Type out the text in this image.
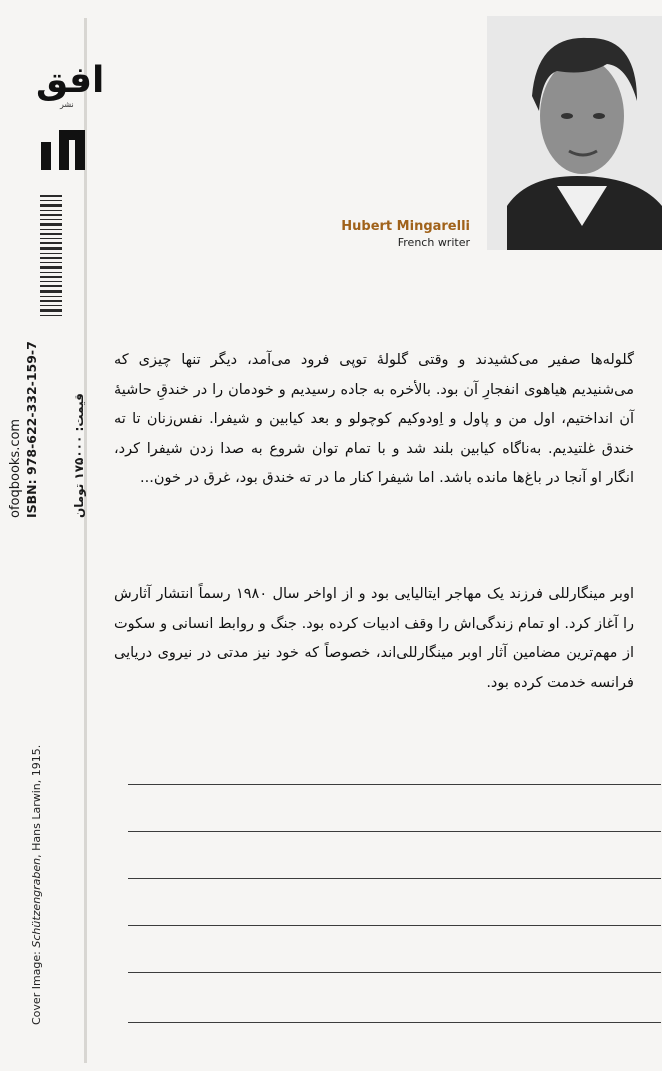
افق
نشر
ofoqbooks.com ISBN: 978-622-332-159-7	قیمت: ۱۷۵۰۰۰ تومان
Cover Image: Schützengraben, Hans Larwin, 1915.
Hubert Mingarelli
French writer

گلوله‌ها صفیر می‌کشیدند و وقتی گلولهٔ توپی فرود می‌آمد، دیگر تنها چیزی که می‌شنیدیم هیاهوی انفجارِ آن بود. بالأخره به جاده رسیدیم و خودمان را در خندقِ حاشیهٔ آن انداختیم، اول من و پاول و اِودوکیم کوچولو و بعد کیابین و شیفرا. نفس‌زنان تا ته خندق غلتیدیم. به‌ناگاه کیابین بلند شد و با تمام توان شروع به صدا زدن شیفرا کرد، انگار او آنجا در باغ‌ها مانده باشد. اما شیفرا کنار ما در ته خندق بود، غرق در خون...

اوبر مینگارللی فرزند یک مهاجر ایتالیایی بود و از اواخر سال ۱۹۸۰ رسماً انتشار آثارش را آغاز کرد. او تمام زندگی‌اش را وقف ادبیات کرده بود. جنگ و روابط انسانی و سکوت از مهم‌ترین مضامین آثار اوبر مینگارللی‌اند، خصوصاً که خود نیز مدتی در نیروی دریایی فرانسه خدمت کرده بود.
